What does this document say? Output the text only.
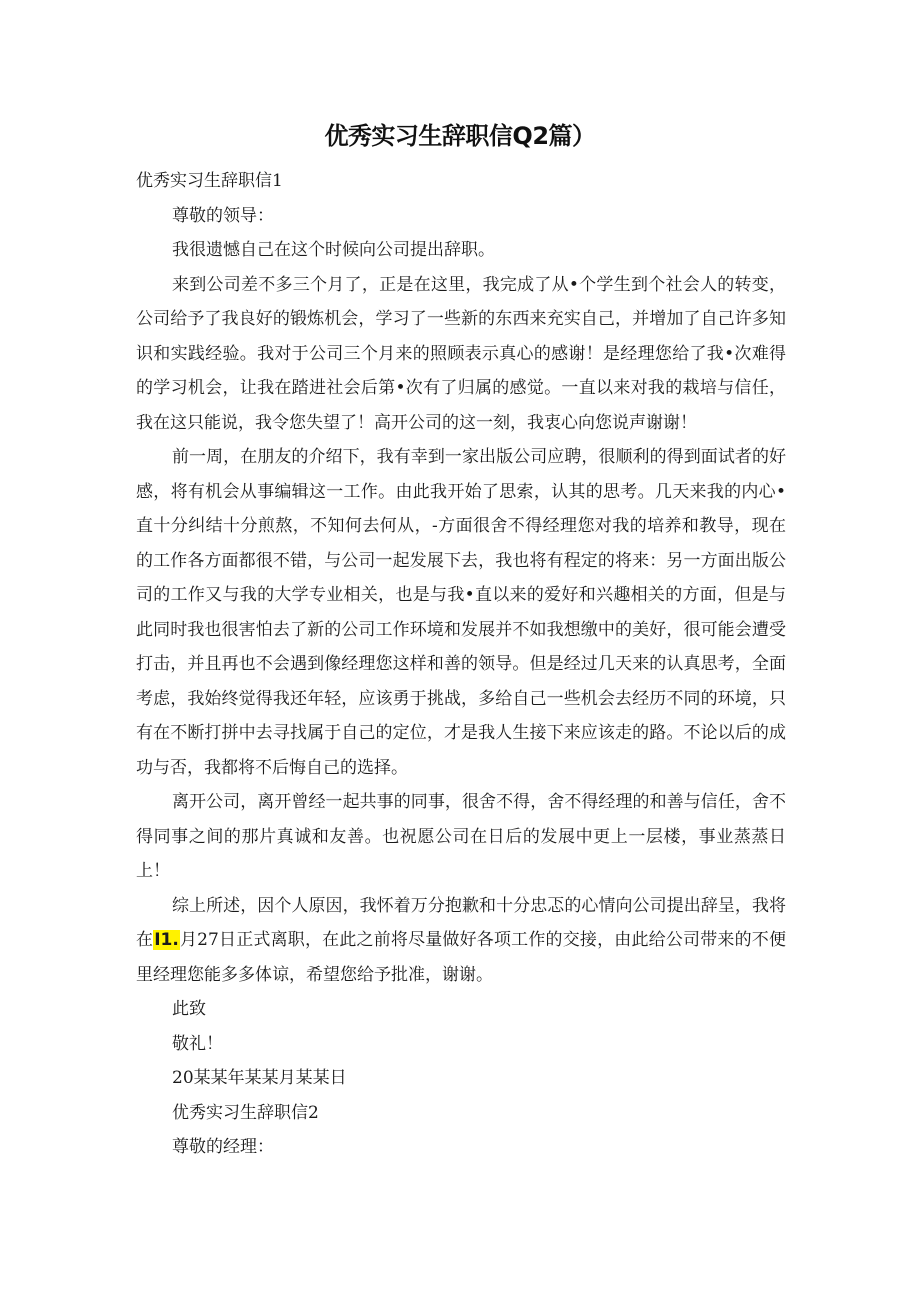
优秀实习生辞职信Q2篇）

优秀实习生辞职信1

尊敬的领导：

我很遗憾自己在这个时候向公司提出辞职。

来到公司差不多三个月了，正是在这里，我完成了从•个学生到个社会人的转变，公司给予了我良好的锻炼机会，学习了一些新的东西来充实自己，并增加了自己许多知识和实践经验。我对于公司三个月来的照顾表示真心的感谢！是经理您给了我•次难得的学习机会，让我在踏进社会后第•次有了归属的感觉。一直以来对我的栽培与信任，我在这只能说，我令您失望了！高开公司的这一刻，我衷心向您说声谢谢！

前一周，在朋友的介绍下，我有幸到一家出版公司应聘，很顺利的得到面试者的好感，将有机会从事编辑这一工作。由此我开始了思索，认其的思考。几天来我的内心•直十分纠结十分煎熬，不知何去何从，-方面很舍不得经理您对我的培养和教导，现在的工作各方面都很不错，与公司一起发展下去，我也将有程定的将来：另一方面出版公司的工作又与我的大学专业相关，也是与我•直以来的爱好和兴趣相关的方面，但是与此同时我也很害怕去了新的公司工作环境和发展并不如我想缴中的美好，很可能会遭受打击，并且再也不会遇到像经理您这样和善的领导。但是经过几天来的认真思考，全面考虑，我始终觉得我还年轻，应该勇于挑战，多给自己一些机会去经历不同的环境，只有在不断打拼中去寻找属于自己的定位，才是我人生接下来应该走的路。不论以后的成功与否，我都将不后悔自己的选择。

离开公司，离开曾经一起共事的同事，很舍不得，舍不得经理的和善与信任，舍不得同事之间的那片真诚和友善。也祝愿公司在日后的发展中更上一层楼，事业蒸蒸日上！

综上所述，因个人原因，我怀着万分抱歉和十分忠忑的心情向公司提出辞呈，我将在I1.月27日正式离职，在此之前将尽量做好各项工作的交接，由此给公司带来的不便里经理您能多多体谅，希望您给予批准，谢谢。

此致

敬礼！

20某某年某某月某某日

优秀实习生辞职信2

尊敬的经理：
